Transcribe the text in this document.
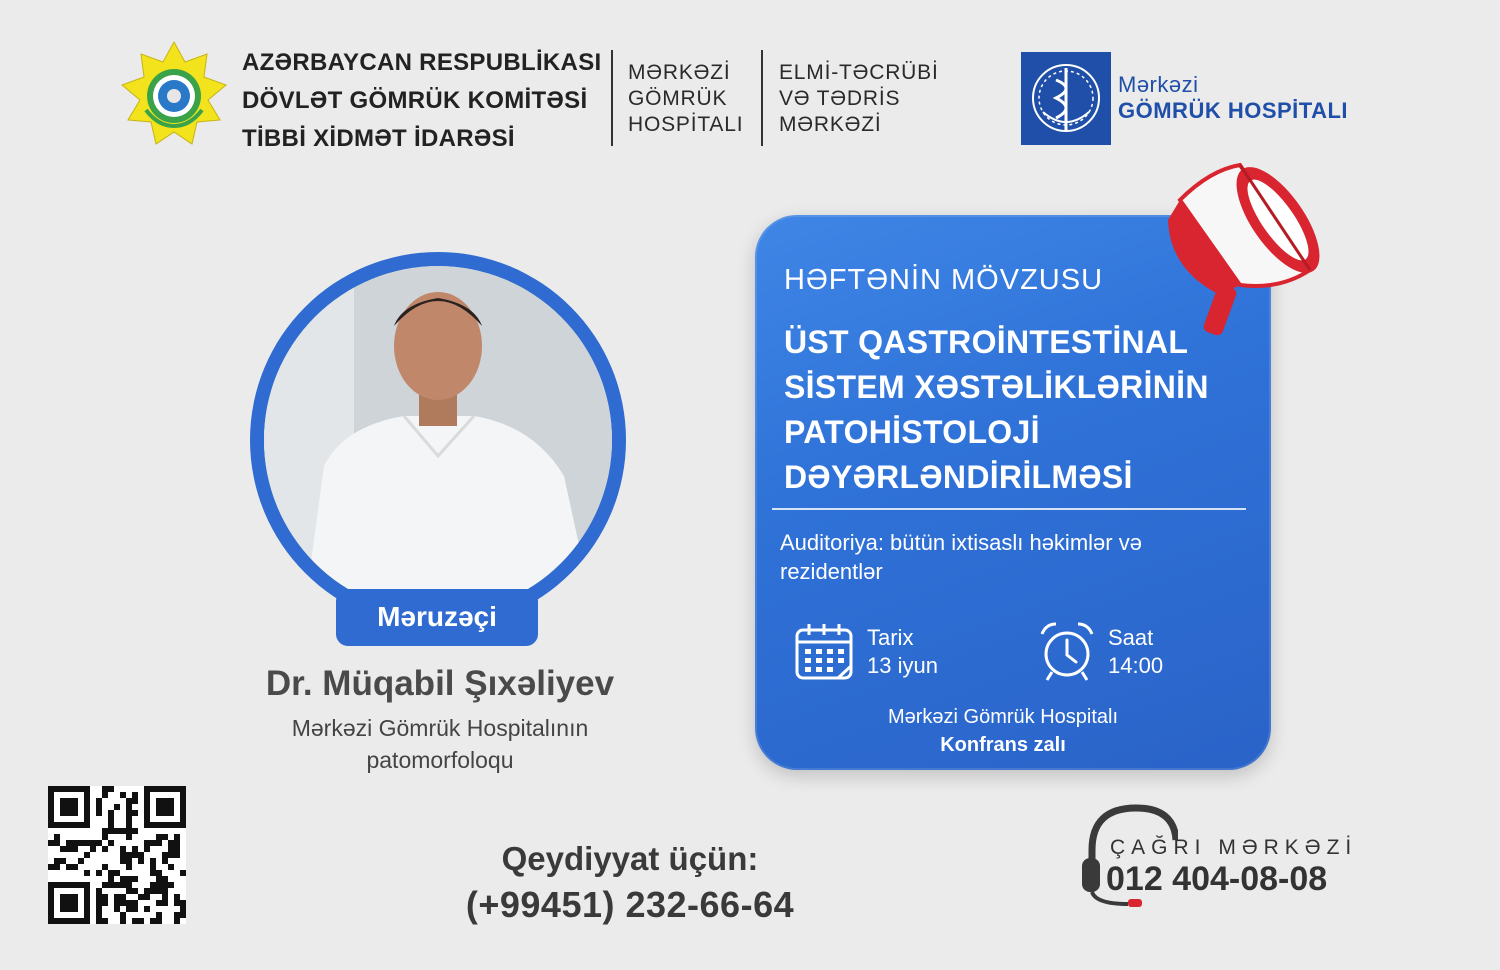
AZƏRBAYCAN RESPUBLİKASI
DÖVLƏT GÖMRÜK KOMİTƏSİ
TİBBİ XİDMƏT İDARƏSİ
MƏRKƏZİ
GÖMRÜK
HOSPİTALI
ELMİ-TƏCRÜBİ
VƏ TƏDRİS
MƏRKƏZİ
Mərkəzi
GÖMRÜK HOSPİTALI
Məruzəçi
Dr. Müqabil Şıxəliyev
Mərkəzi Gömrük Hospitalının
patomorfoloqu
HƏFTƏNİN MÖVZUSU
ÜST QASTROİNTESTİNAL
SİSTEM XƏSTƏLİKLƏRİNİN
PATOHİSTOLOJİ
DƏYƏRLƏNDİRİLMƏSİ
Auditoriya: bütün ixtisaslı həkimlər və
rezidentlər
Tarix
13 iyun
Saat
14:00
Mərkəzi Gömrük Hospitalı
Konfrans zalı
Qeydiyyat üçün:
(+99451) 232-66-64
ÇAĞRI MƏRKƏZİ
012 404-08-08
